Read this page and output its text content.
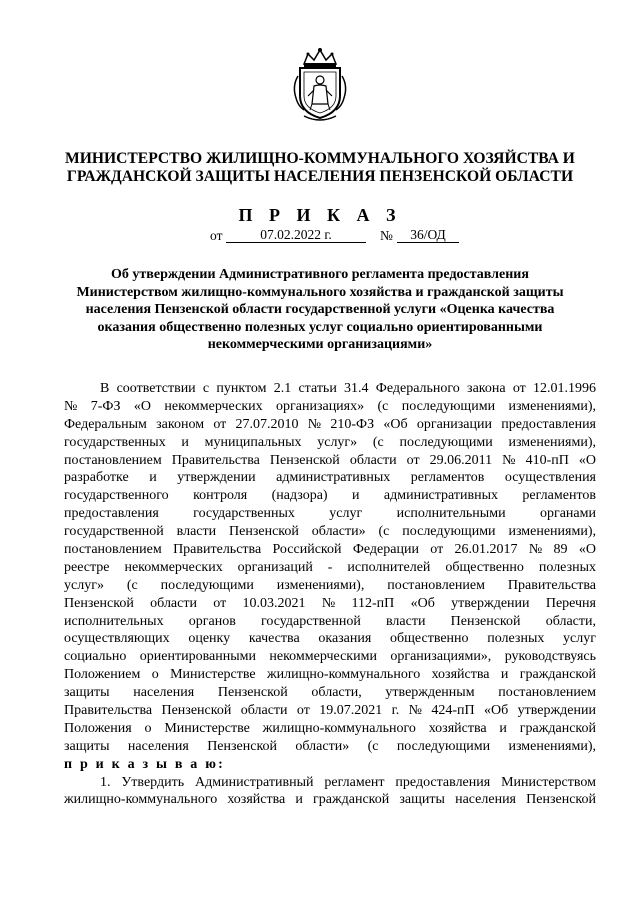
МИНИСТЕРСТВО ЖИЛИЩНО-КОММУНАЛЬНОГО ХОЗЯЙСТВА И
ГРАЖДАНСКОЙ ЗАЩИТЫ НАСЕЛЕНИЯ ПЕНЗЕНСКОЙ ОБЛАСТИ
П Р И К А З
от	07.02.2022 г.	№	36/ОД
Об утверждении Административного регламента предоставления
Министерством жилищно-коммунального хозяйства и гражданской защиты
населения Пензенской области государственной услуги «Оценка качества
оказания общественно полезных услуг социально ориентированными
некоммерческими организациями»
В соответствии с пунктом 2.1 статьи 31.4 Федерального закона от 12.01.1996
№ 7-ФЗ «О некоммерческих организациях» (с последующими изменениями),
Федеральным законом от 27.07.2010 № 210-ФЗ «Об организации предоставления
государственных и муниципальных услуг» (с последующими изменениями),
постановлением Правительства Пензенской области от 29.06.2011 № 410-пП «О
разработке и утверждении административных регламентов осуществления
государственного контроля (надзора) и административных регламентов
предоставления государственных услуг исполнительными органами
государственной власти Пензенской области» (с последующими изменениями),
постановлением Правительства Российской Федерации от 26.01.2017 № 89 «О
реестре некоммерческих организаций - исполнителей общественно полезных
услуг» (с последующими изменениями), постановлением Правительства
Пензенской области от 10.03.2021 № 112-пП «Об утверждении Перечня
исполнительных органов государственной власти Пензенской области,
осуществляющих оценку качества оказания общественно полезных услуг
социально ориентированными некоммерческими организациями», руководствуясь
Положением о Министерстве жилищно-коммунального хозяйства и гражданской
защиты населения Пензенской области, утвержденным постановлением
Правительства Пензенской области от 19.07.2021 г. № 424-пП «Об утверждении
Положения о Министерстве жилищно-коммунального хозяйства и гражданской
защиты населения Пензенской области» (с последующими изменениями),
п р и к а з ы в а ю:
1. Утвердить Административный регламент предоставления Министерством
жилищно-коммунального хозяйства и гражданской защиты населения Пензенской
